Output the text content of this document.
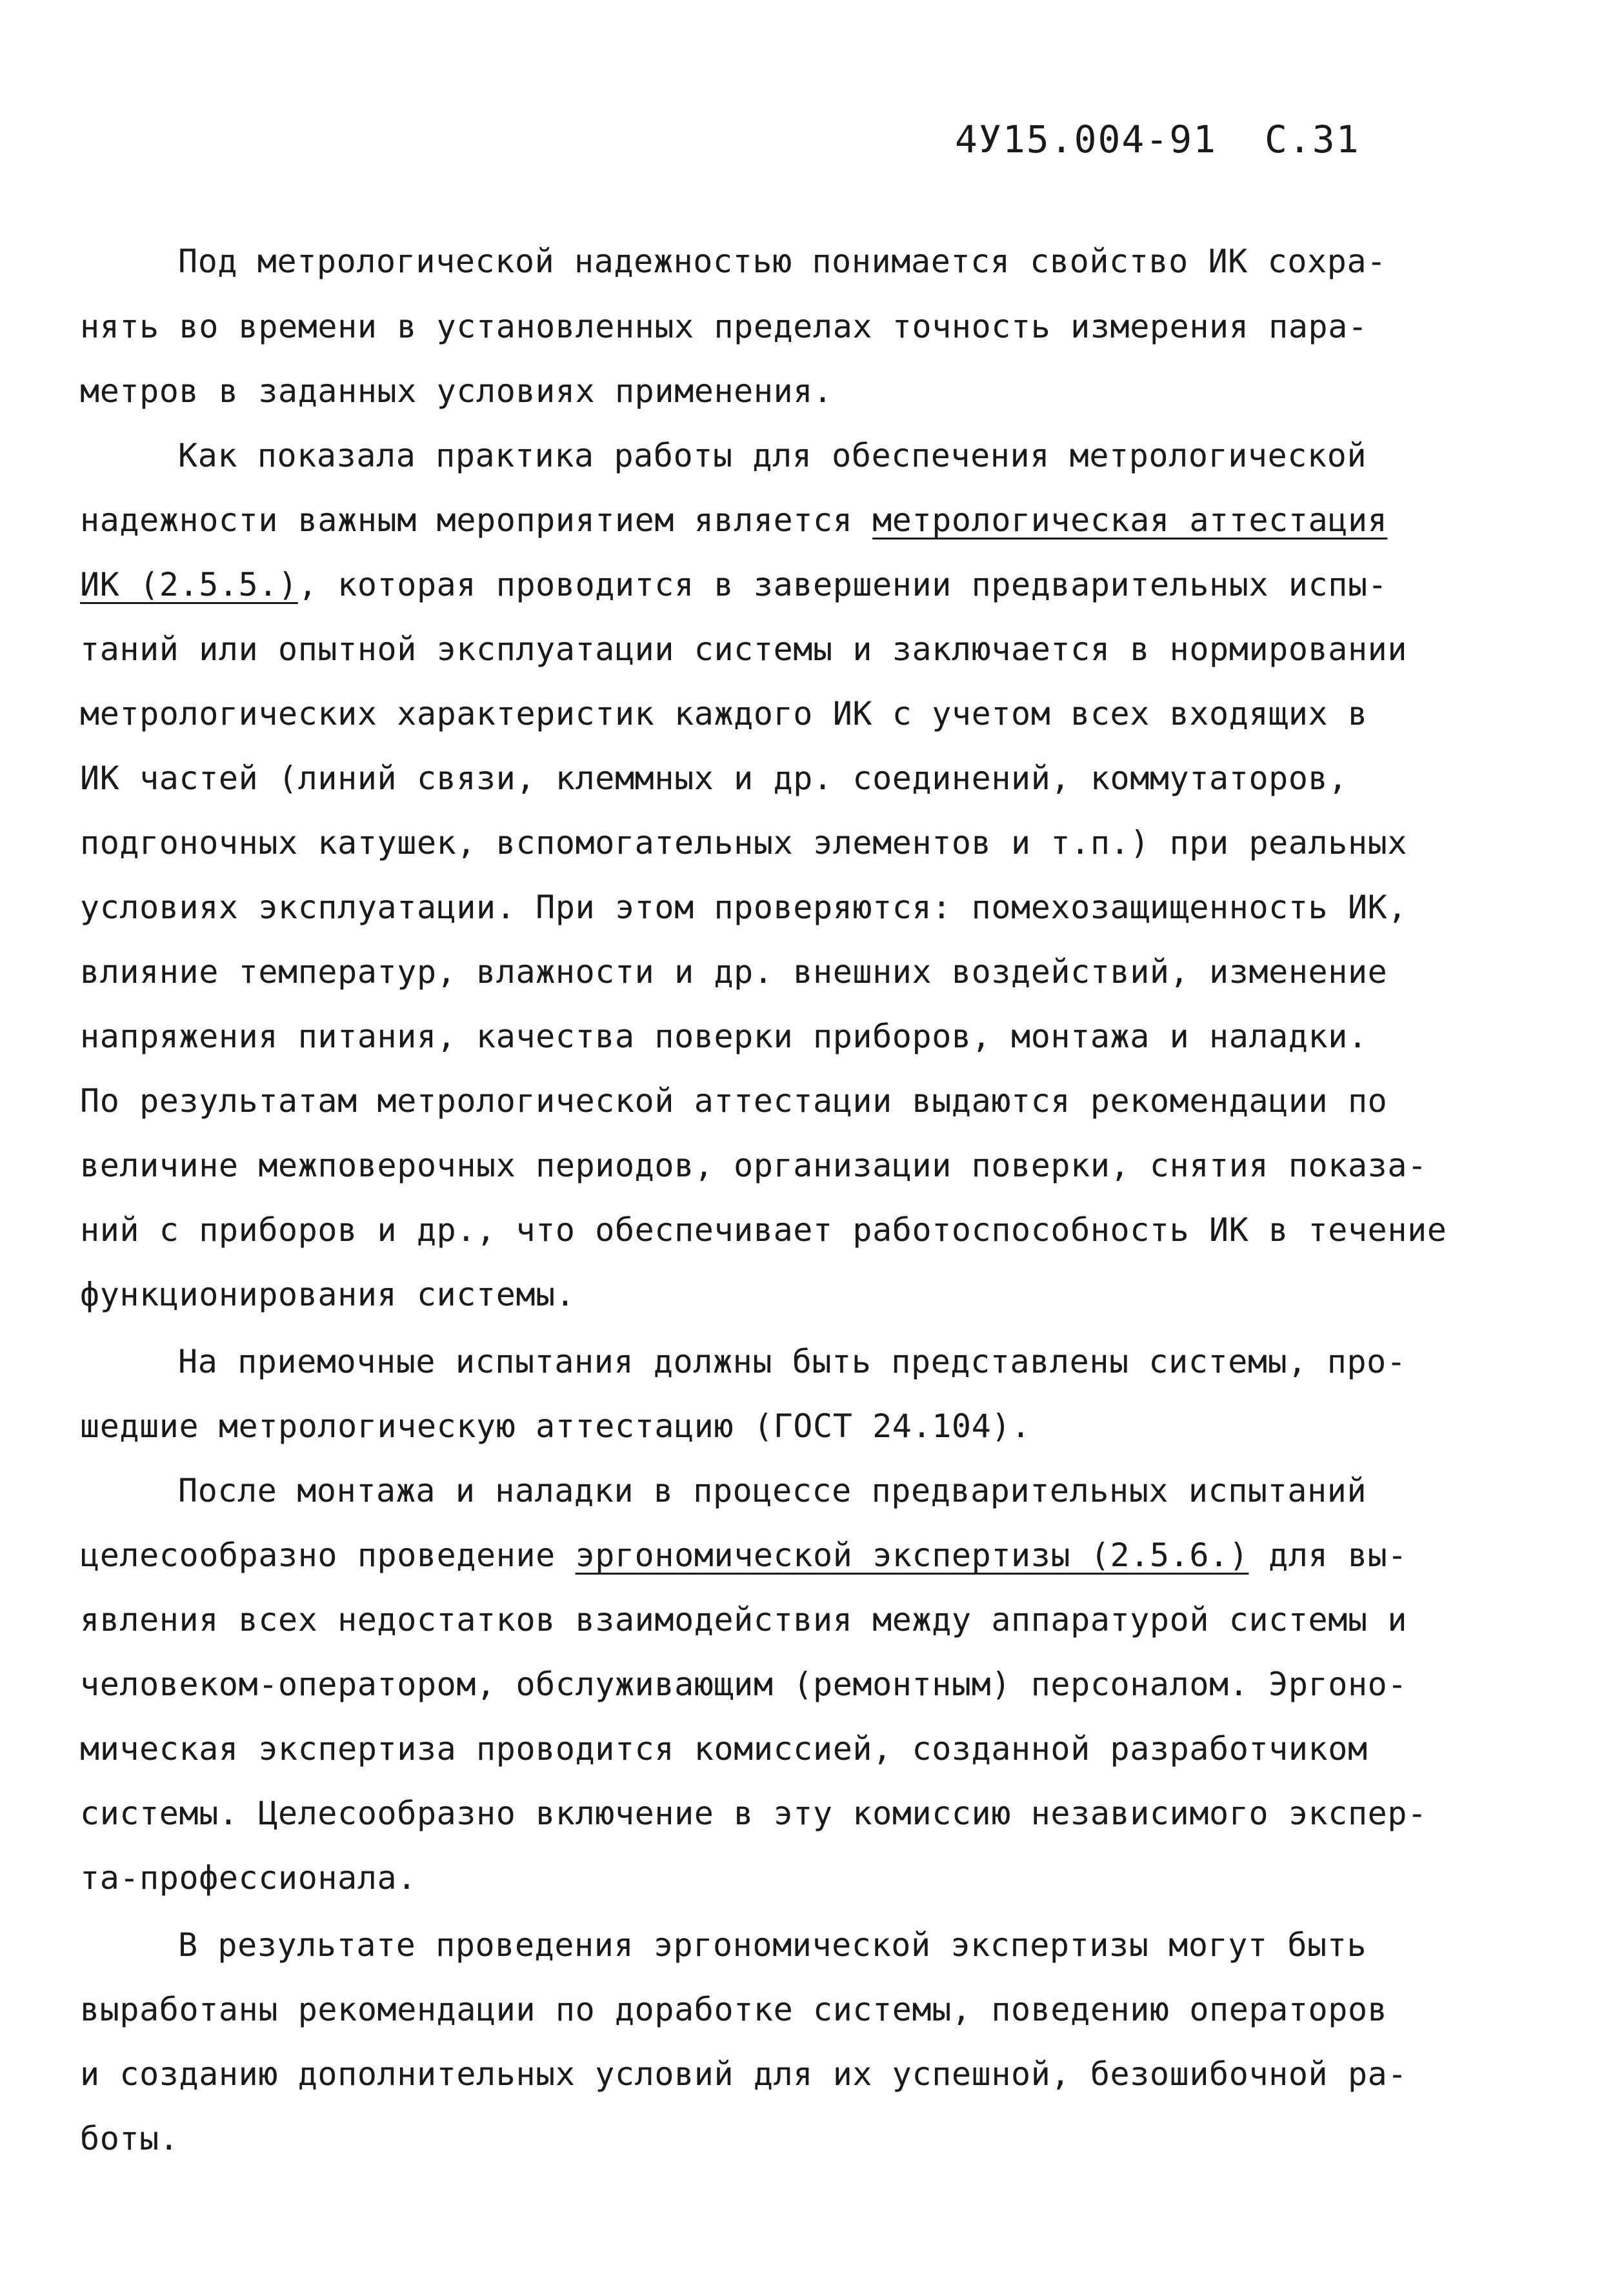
4У15.004-91  С.31
Под метрологической надежностью понимается свойство ИК сохра-
нять во времени в установленных пределах точность измерения пара-
метров в заданных условиях применения.
Как показала практика работы для обеспечения метрологической
надежности важным мероприятием является метрологическая аттестация
ИК (2.5.5.), которая проводится в завершении предварительных испы-
таний или опытной эксплуатации системы и заключается в нормировании
метрологических характеристик каждого ИК с учетом всех входящих в
ИК частей (линий связи, клеммных и др. соединений, коммутаторов,
подгоночных катушек, вспомогательных элементов и т.п.) при реальных
условиях эксплуатации. При этом проверяются: помехозащищенность ИК,
влияние температур, влажности и др. внешних воздействий, изменение
напряжения питания, качества поверки приборов, монтажа и наладки.
По результатам метрологической аттестации выдаются рекомендации по
величине межповерочных периодов, организации поверки, снятия показа-
ний с приборов и др., что обеспечивает работоспособность ИК в течение
функционирования системы.
На приемочные испытания должны быть представлены системы, про-
шедшие метрологическую аттестацию (ГОСТ 24.104).
После монтажа и наладки в процессе предварительных испытаний
целесообразно проведение эргономической экспертизы (2.5.6.) для вы-
явления всех недостатков взаимодействия между аппаратурой системы и
человеком-оператором, обслуживающим (ремонтным) персоналом. Эргоно-
мическая экспертиза проводится комиссией, созданной разработчиком
системы. Целесообразно включение в эту комиссию независимого экспер-
та-профессионала.
В результате проведения эргономической экспертизы могут быть
выработаны рекомендации по доработке системы, поведению операторов
и созданию дополнительных условий для их успешной, безошибочной ра-
боты.
